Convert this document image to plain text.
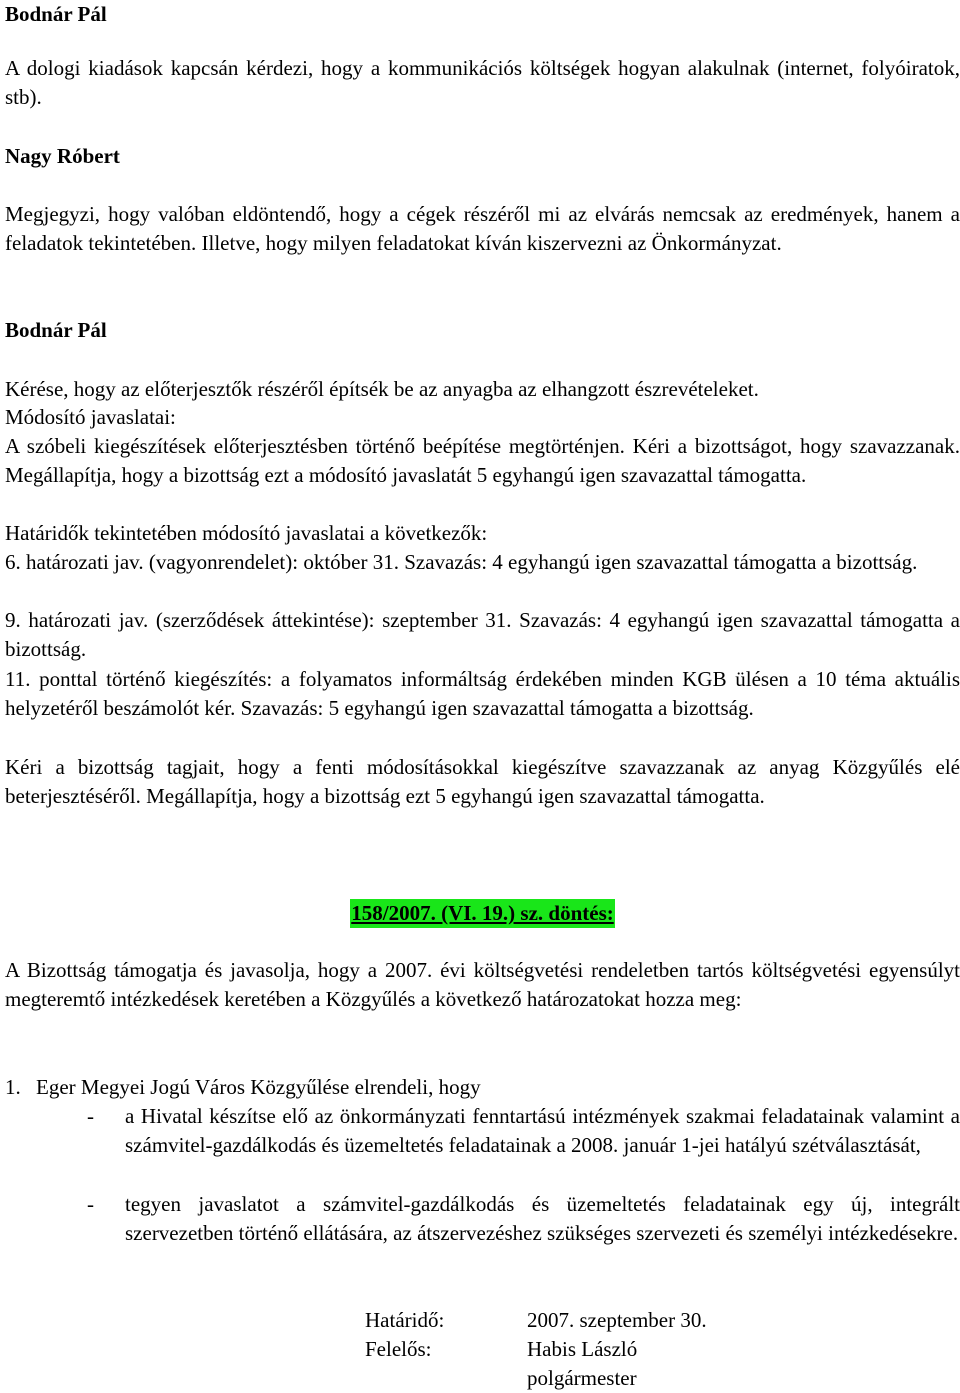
Bodnár Pál

A dologi kiadások kapcsán kérdezi, hogy a kommunikációs költségek hogyan alakulnak (internet, folyóiratok, stb).

Nagy Róbert

Megjegyzi, hogy valóban eldöntendő, hogy a cégek részéről mi az elvárás nemcsak az eredmények, hanem a feladatok tekintetében. Illetve, hogy milyen feladatokat kíván kiszervezni az Önkormányzat.

Bodnár Pál

Kérése, hogy az előterjesztők részéről építsék be az anyagba az elhangzott észrevételeket.

Módosító javaslatai:

A szóbeli kiegészítések előterjesztésben történő beépítése megtörténjen. Kéri a bizottságot, hogy szavazzanak. Megállapítja, hogy a bizottság ezt a módosító javaslatát 5 egyhangú igen szavazattal támogatta.

Határidők tekintetében módosító javaslatai a következők:

6. határozati jav. (vagyonrendelet): október 31. Szavazás: 4 egyhangú igen szavazattal támogatta a bizottság.

9. határozati jav. (szerződések áttekintése): szeptember 31. Szavazás: 4 egyhangú igen szavazattal támogatta a bizottság.

11. ponttal történő kiegészítés: a folyamatos informáltság érdekében minden KGB ülésen a 10 téma aktuális helyzetéről beszámolót kér. Szavazás: 5 egyhangú igen szavazattal támogatta a bizottság.

Kéri a bizottság tagjait, hogy a fenti módosításokkal kiegészítve szavazzanak az anyag Közgyűlés elé beterjesztéséről. Megállapítja, hogy a bizottság ezt 5 egyhangú igen szavazattal támogatta.

158/2007. (VI. 19.) sz. döntés:

A Bizottság támogatja és javasolja, hogy a 2007. évi költségvetési rendeletben tartós költségvetési egyensúlyt megteremtő intézkedések keretében a Közgyűlés a következő határozatokat hozza meg:

1. Eger Megyei Jogú Város Közgyűlése elrendeli, hogy
- a Hivatal készítse elő az önkormányzati fenntartású intézmények szakmai feladatainak valamint a számvitel-gazdálkodás és üzemeltetés feladatainak a 2008. január 1-jei hatályú szétválasztását,

- tegyen javaslatot a számvitel-gazdálkodás és üzemeltetés feladatainak egy új, integrált szervezetben történő ellátására, az átszervezéshez szükséges szervezeti és személyi intézkedésekre.

Határidő:	2007. szeptember 30.
Felelős:	Habis László
polgármester
